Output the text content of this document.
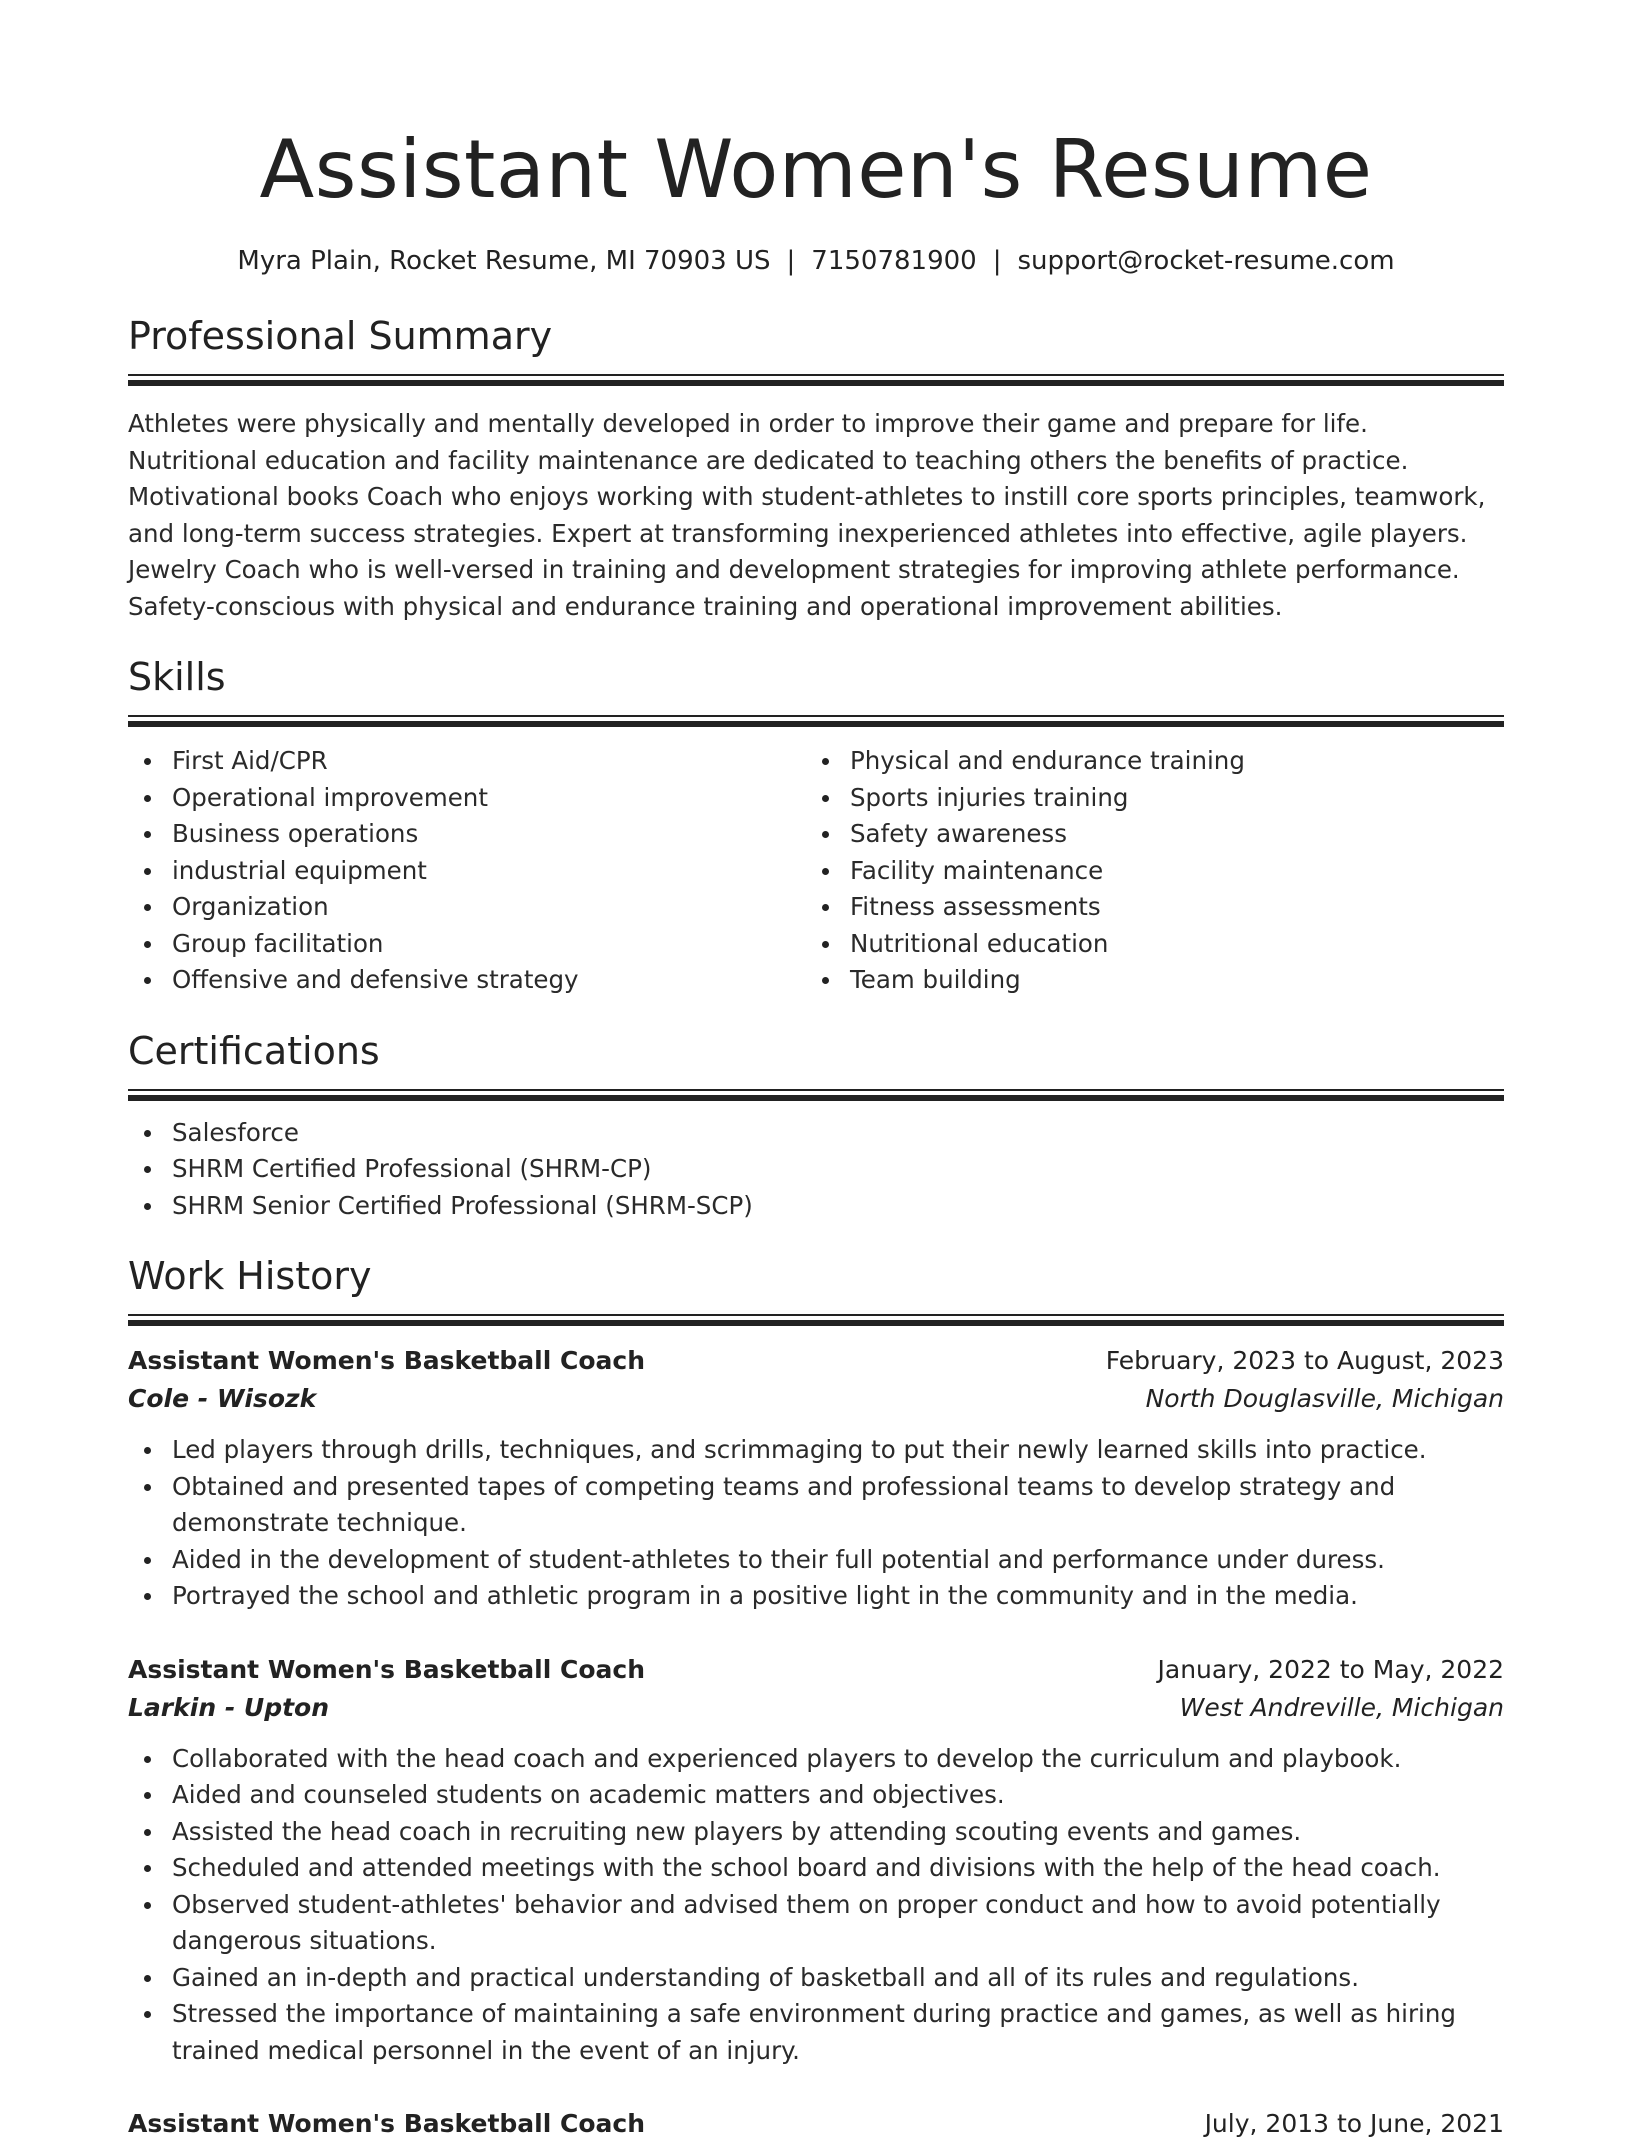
Assistant Women's Resume
Myra Plain, Rocket Resume, MI 70903 US | 7150781900 | support@rocket-resume.com
Professional Summary
Athletes were physically and mentally developed in order to improve their game and prepare for life. Nutritional education and facility maintenance are dedicated to teaching others the benefits of practice. Motivational books Coach who enjoys working with student-athletes to instill core sports principles, teamwork, and long-term success strategies. Expert at transforming inexperienced athletes into effective, agile players. Jewelry Coach who is well-versed in training and development strategies for improving athlete performance. Safety-conscious with physical and endurance training and operational improvement abilities.
Skills
First Aid/CPR
Operational improvement
Business operations
industrial equipment
Organization
Group facilitation
Offensive and defensive strategy
Physical and endurance training
Sports injuries training
Safety awareness
Facility maintenance
Fitness assessments
Nutritional education
Team building
Certifications
Salesforce
SHRM Certified Professional (SHRM-CP)
SHRM Senior Certified Professional (SHRM-SCP)
Work History
Assistant Women's Basketball Coach	February, 2023 to August, 2023
Cole - Wisozk	North Douglasville, Michigan
Led players through drills, techniques, and scrimmaging to put their newly learned skills into practice.
Obtained and presented tapes of competing teams and professional teams to develop strategy and demonstrate technique.
Aided in the development of student-athletes to their full potential and performance under duress.
Portrayed the school and athletic program in a positive light in the community and in the media.
Assistant Women's Basketball Coach	January, 2022 to May, 2022
Larkin - Upton	West Andreville, Michigan
Collaborated with the head coach and experienced players to develop the curriculum and playbook.
Aided and counseled students on academic matters and objectives.
Assisted the head coach in recruiting new players by attending scouting events and games.
Scheduled and attended meetings with the school board and divisions with the help of the head coach.
Observed student-athletes' behavior and advised them on proper conduct and how to avoid potentially dangerous situations.
Gained an in-depth and practical understanding of basketball and all of its rules and regulations.
Stressed the importance of maintaining a safe environment during practice and games, as well as hiring trained medical personnel in the event of an injury.
Assistant Women's Basketball Coach	July, 2013 to June, 2021
